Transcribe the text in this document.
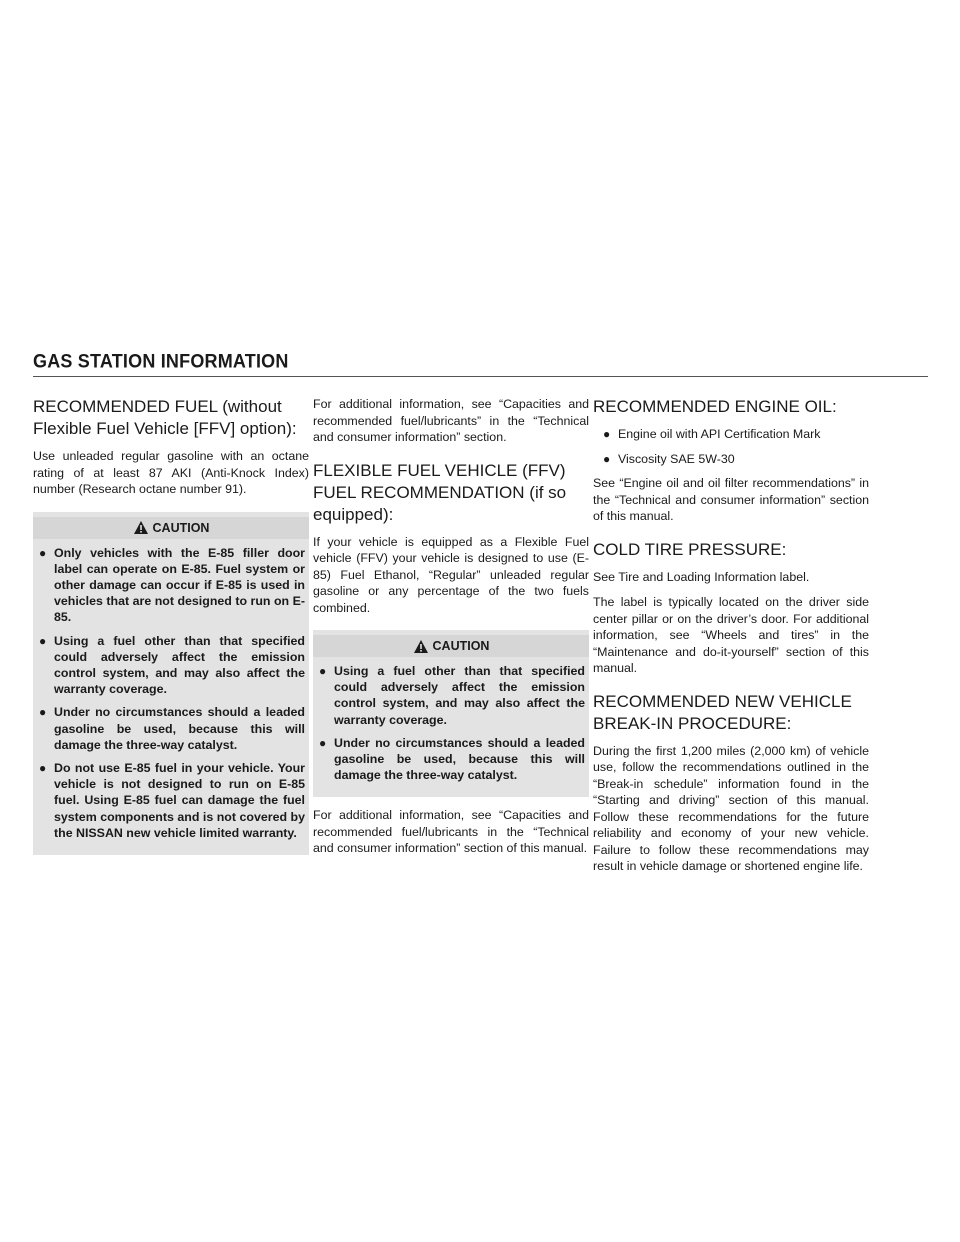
GAS STATION INFORMATION
RECOMMENDED FUEL (without Flexible Fuel Vehicle [FFV] option):

Use unleaded regular gasoline with an octane rating of at least 87 AKI (Anti-Knock Index) number (Research octane number 91).

CAUTION
● Only vehicles with the E-85 filler door label can operate on E-85. Fuel system or other damage can occur if E-85 is used in vehicles that are not designed to run on E-85.
● Using a fuel other than that specified could adversely affect the emission control system, and may also affect the warranty coverage.
● Under no circumstances should a leaded gasoline be used, because this will damage the three-way catalyst.
● Do not use E-85 fuel in your vehicle. Your vehicle is not designed to run on E-85 fuel. Using E-85 fuel can damage the fuel system components and is not covered by the NISSAN new vehicle limited warranty.

For additional information, see “Capacities and recommended fuel/lubricants” in the “Technical and consumer information” section.

FLEXIBLE FUEL VEHICLE (FFV) FUEL RECOMMENDATION (if so equipped):

If your vehicle is equipped as a Flexible Fuel vehicle (FFV) your vehicle is designed to use (E-85) Fuel Ethanol, “Regular” unleaded regular gasoline or any percentage of the two fuels combined.

CAUTION
● Using a fuel other than that specified could adversely affect the emission control system, and may also affect the warranty coverage.
● Under no circumstances should a leaded gasoline be used, because this will damage the three-way catalyst.

For additional information, see “Capacities and recommended fuel/lubricants in the “Technical and consumer information” section of this manual.

RECOMMENDED ENGINE OIL:
● Engine oil with API Certification Mark
● Viscosity SAE 5W-30

See “Engine oil and oil filter recommendations” in the “Technical and consumer information” section of this manual.

COLD TIRE PRESSURE:

See Tire and Loading Information label.

The label is typically located on the driver side center pillar or on the driver’s door. For additional information, see “Wheels and tires” in the “Maintenance and do-it-yourself” section of this manual.

RECOMMENDED NEW VEHICLE BREAK-IN PROCEDURE:

During the first 1,200 miles (2,000 km) of vehicle use, follow the recommendations outlined in the “Break-in schedule” information found in the “Starting and driving” section of this manual. Follow these recommendations for the future reliability and economy of your new vehicle. Failure to follow these recommendations may result in vehicle damage or shortened engine life.
